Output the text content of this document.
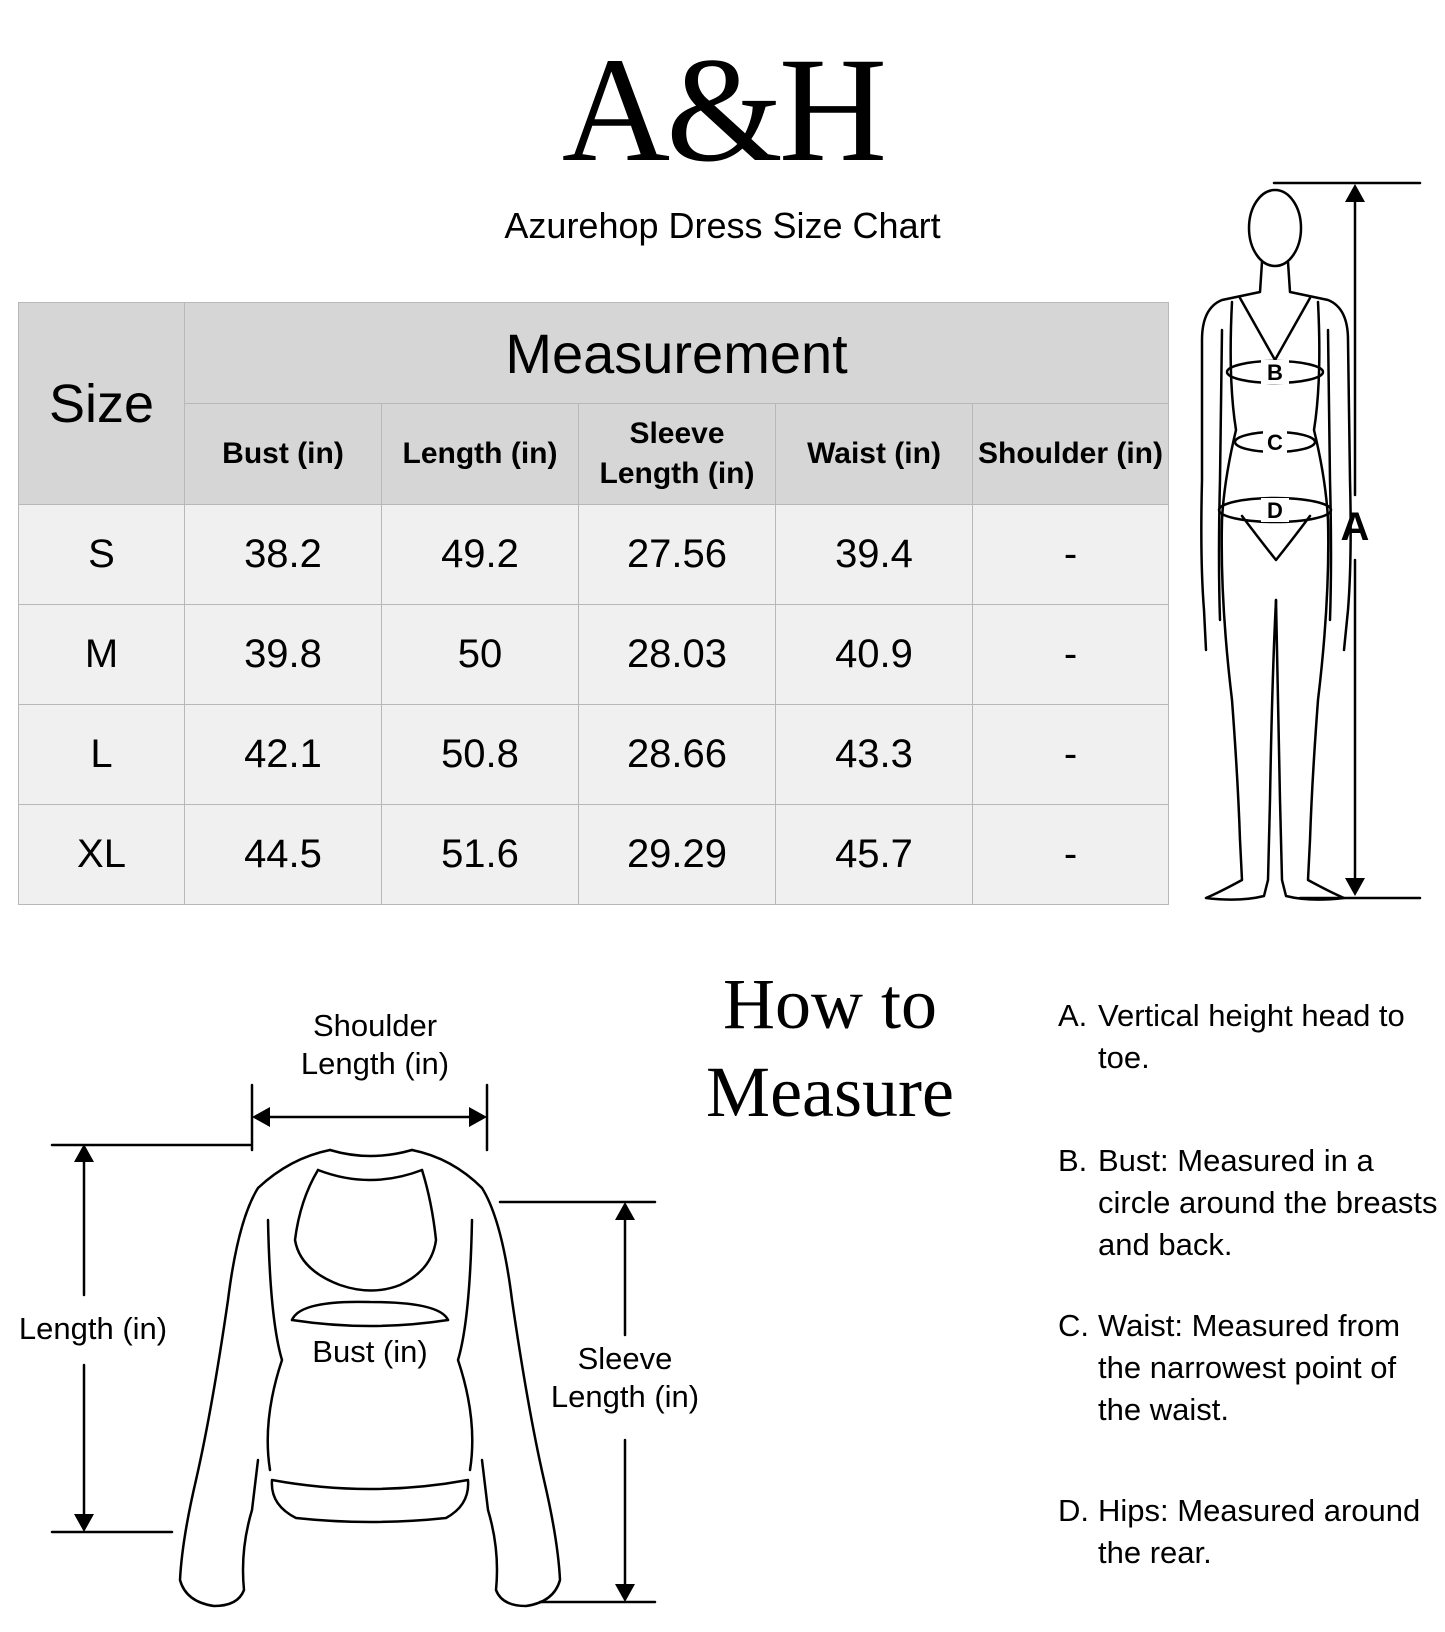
A&H
Azurehop Dress Size Chart
Size	Measurement				
	Bust (in)	Length (in)	Sleeve Length (in)	Waist (in)	Shoulder (in)
S	38.2	49.2	27.56	39.4	-
M	39.8	50	28.03	40.9	-
L	42.1	50.8	28.66	43.3	-
XL	44.5	51.6	29.29	45.7	-
B
C
D A
Shoulder
Length (in)
Length (in)
Bust (in)	Sleeve
Length (in)
How to
Measure
A. Vertical height head to toe.
B. Bust: Measured in a circle around the breasts and back.
C. Waist: Measured from the narrowest point of the waist.
D. Hips: Measured around the rear.
